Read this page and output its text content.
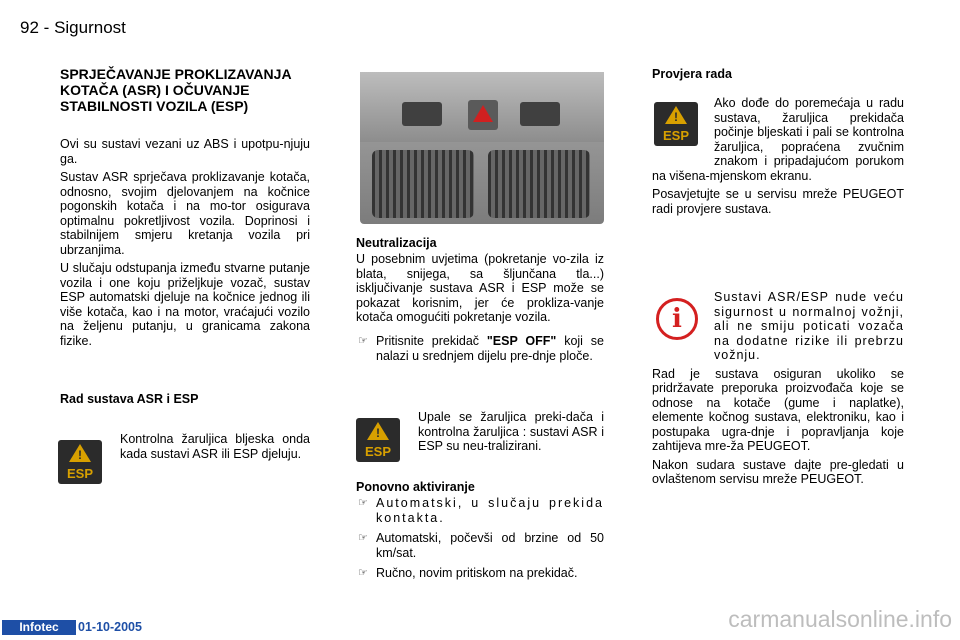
92 - Sigurnost
SPRJEČAVANJE PROKLIZAVANJA KOTAČA (ASR) I OČUVANJE STABILNOSTI VOZILA (ESP)

Ovi su sustavi vezani uz ABS i upotpu-njuju ga.

Sustav ASR sprječava proklizavanje kotača, odnosno, svojim djelovanjem na kočnice pogonskih kotača i na mo-tor osigurava optimalnu pokretljivost vozila. Doprinosi i stabilnijem smjeru kretanja vozila pri ubrzanjima.

U slučaju odstupanja između stvarne putanje vozila i one koju priželjkuje vozač, sustav ESP automatski djeluje na kočnice jednog ili više kotača, kao i na motor, vraćajući vozilo na željenu putanju, u granicama zakona fizike.

Rad sustava ASR i ESP
!
ESP

Kontrolna žaruljica bljeska onda kada sustavi ASR ili ESP djeluju.

Neutralizacija

U posebnim uvjetima (pokretanje vo-zila iz blata, snijega, sa šljunčana tla...) isključivanje sustava ASR i ESP može se pokazat korisnim, jer će prokliza-vanje kotača omogućiti pokretanje vozila.

☞ Pritisnite prekidač "ESP OFF" koji se nalazi u srednjem dijelu pre-dnje ploče.
!
ESP

Upale se žaruljica preki-dača i kontrolna žaruljica : sustavi ASR i ESP su neu-tralizirani.

Ponovno aktiviranje
☞ Automatski, u slučaju prekida kontakta.
☞ Automatski, počevši od brzine od 50 km/sat.
☞ Ručno, novim pritiskom na prekidač.
Provjera rada
!
ESP

Ako dođe do poremećaja u radu sustava, žaruljica prekidača počinje bljeskati i pali se kontrolna žaruljica, popraćena zvučnim znakom i pripadajućom porukom na višena-mjenskom ekranu.

Posavjetujte se u servisu mreže PEUGEOT radi provjere sustava.

i

Sustavi ASR/ESP nude veću sigurnost u normalnoj vožnji, ali ne smiju poticati vozača na dodatne rizike ili prebrzu vožnju.

Rad je sustava osiguran ukoliko se pridržavate preporuka proizvođača koje se odnose na kotače (gume i naplatke), elemente kočnog sustava, elektroniku, kao i postupaka ugra-dnje i popravljanja koje zahtijeva mre-ža PEUGEOT.

Nakon sudara sustave dajte pre-gledati u ovlaštenom servisu mreže PEUGEOT.

Infotec	01-10-2005	carmanualsonline.info
